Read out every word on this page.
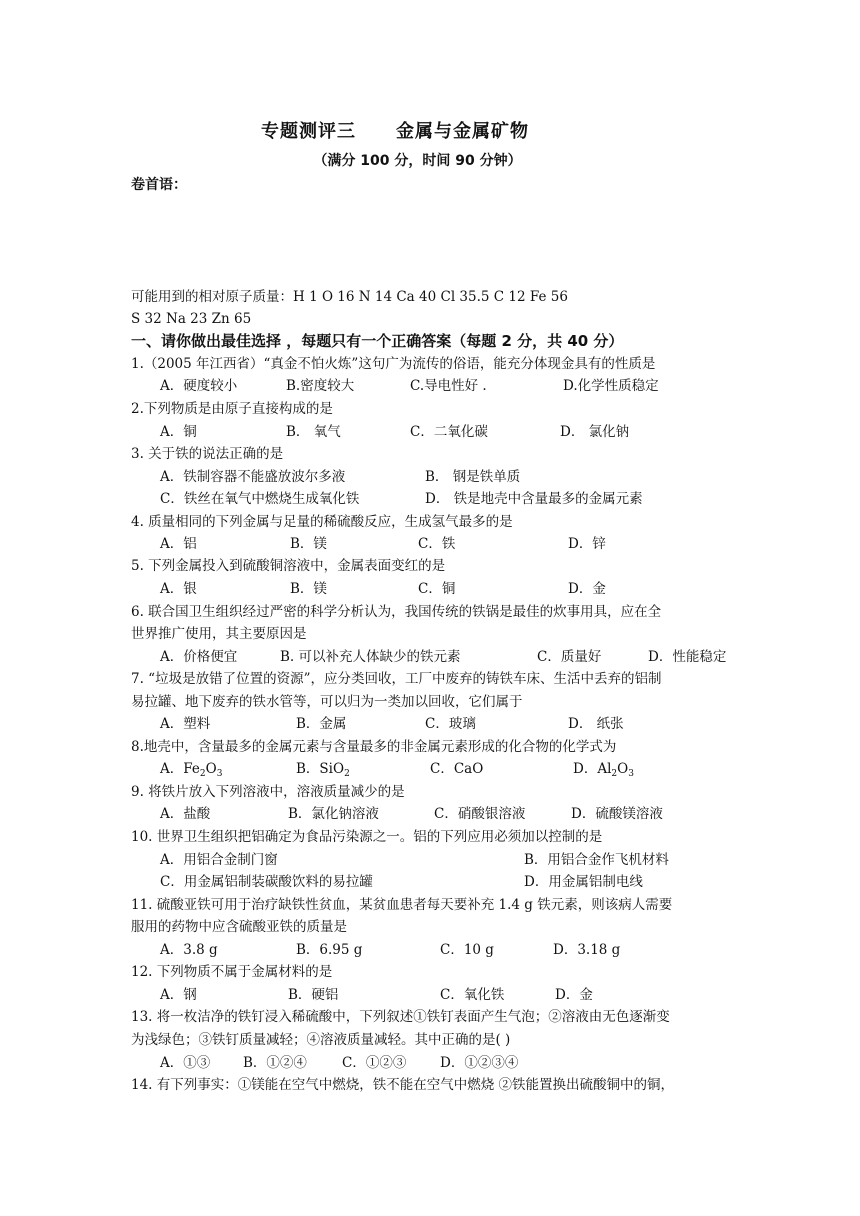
专题测评三 金属与金属矿物
（满分 100 分，时间 90 分钟）
卷首语：
可能用到的相对原子质量：H 1 O 16 N 14 Ca 40 Cl 35.5 C 12 Fe 56
S 32 Na 23 Zn 65
一、请你做出最佳选择 ，每题只有一个正确答案（每题 2 分，共 40 分）
1.（2005 年江西省）“真金不怕火炼”这句广为流传的俗语，能充分体现金具有的性质是
A．硬度较小	B.密度较大	C.导电性好 .	D.化学性质稳定
2.下列物质是由原子直接构成的是
A．铜	B． 氧气	C．二氧化碳	D． 氯化钠
3. 关于铁的说法正确的是
A．铁制容器不能盛放波尔多液	B． 钢是铁单质
C．铁丝在氧气中燃烧生成氧化铁	D． 铁是地壳中含量最多的金属元素
4. 质量相同的下列金属与足量的稀硫酸反应，生成氢气最多的是
A．铝	B．镁	C．铁	D．锌
5. 下列金属投入到硫酸铜溶液中，金属表面变红的是
A．银	B．镁	C．铜	D．金
6. 联合国卫生组织经过严密的科学分析认为，我国传统的铁锅是最佳的炊事用具，应在全
世界推广使用，其主要原因是
A．价格便宜	B. 可以补充人体缺少的铁元素	C．质量好	D．性能稳定
7. “垃圾是放错了位置的资源”，应分类回收，工厂中废弃的铸铁车床、生活中丢弃的铝制
易拉罐、地下废弃的铁水管等，可以归为一类加以回收，它们属于
A．塑料	B．金属	C．玻璃	D． 纸张
8.地壳中，含量最多的金属元素与含量最多的非金属元素形成的化合物的化学式为
A．$Fe_2O_3$	B．SiO$_2$	C．CaO	D．$Al_2O_3$
9. 将铁片放入下列溶液中，溶液质量减少的是
A．盐酸	B．氯化钠溶液	C．硝酸银溶液	D．硫酸镁溶液
10. 世界卫生组织把铝确定为食品污染源之一。铝的下列应用必须加以控制的是
A．用铝合金制门窗	B．用铝合金作飞机材料
C．用金属铝制装碳酸饮料的易拉罐	D．用金属铝制电线
11. 硫酸亚铁可用于治疗缺铁性贫血，某贫血患者每天要补充 1.4 g 铁元素，则该病人需要
服用的药物中应含硫酸亚铁的质量是
A．3.8 g	B．6.95 g	C．10 g	D．3.18 g
12. 下列物质不属于金属材料的是
A．钢	B．硬铝	C．氧化铁	D．金
13. 将一枚洁净的铁钉浸入稀硫酸中，下列叙述①铁钉表面产生气泡；②溶液由无色逐渐变
为浅绿色；③铁钉质量减轻；④溶液质量减轻。其中正确的是( )
A．①③ B．①②④	C．①②③ D．①②③④
14. 有下列事实：①镁能在空气中燃烧，铁不能在空气中燃烧 ②铁能置换出硫酸铜中的铜，
